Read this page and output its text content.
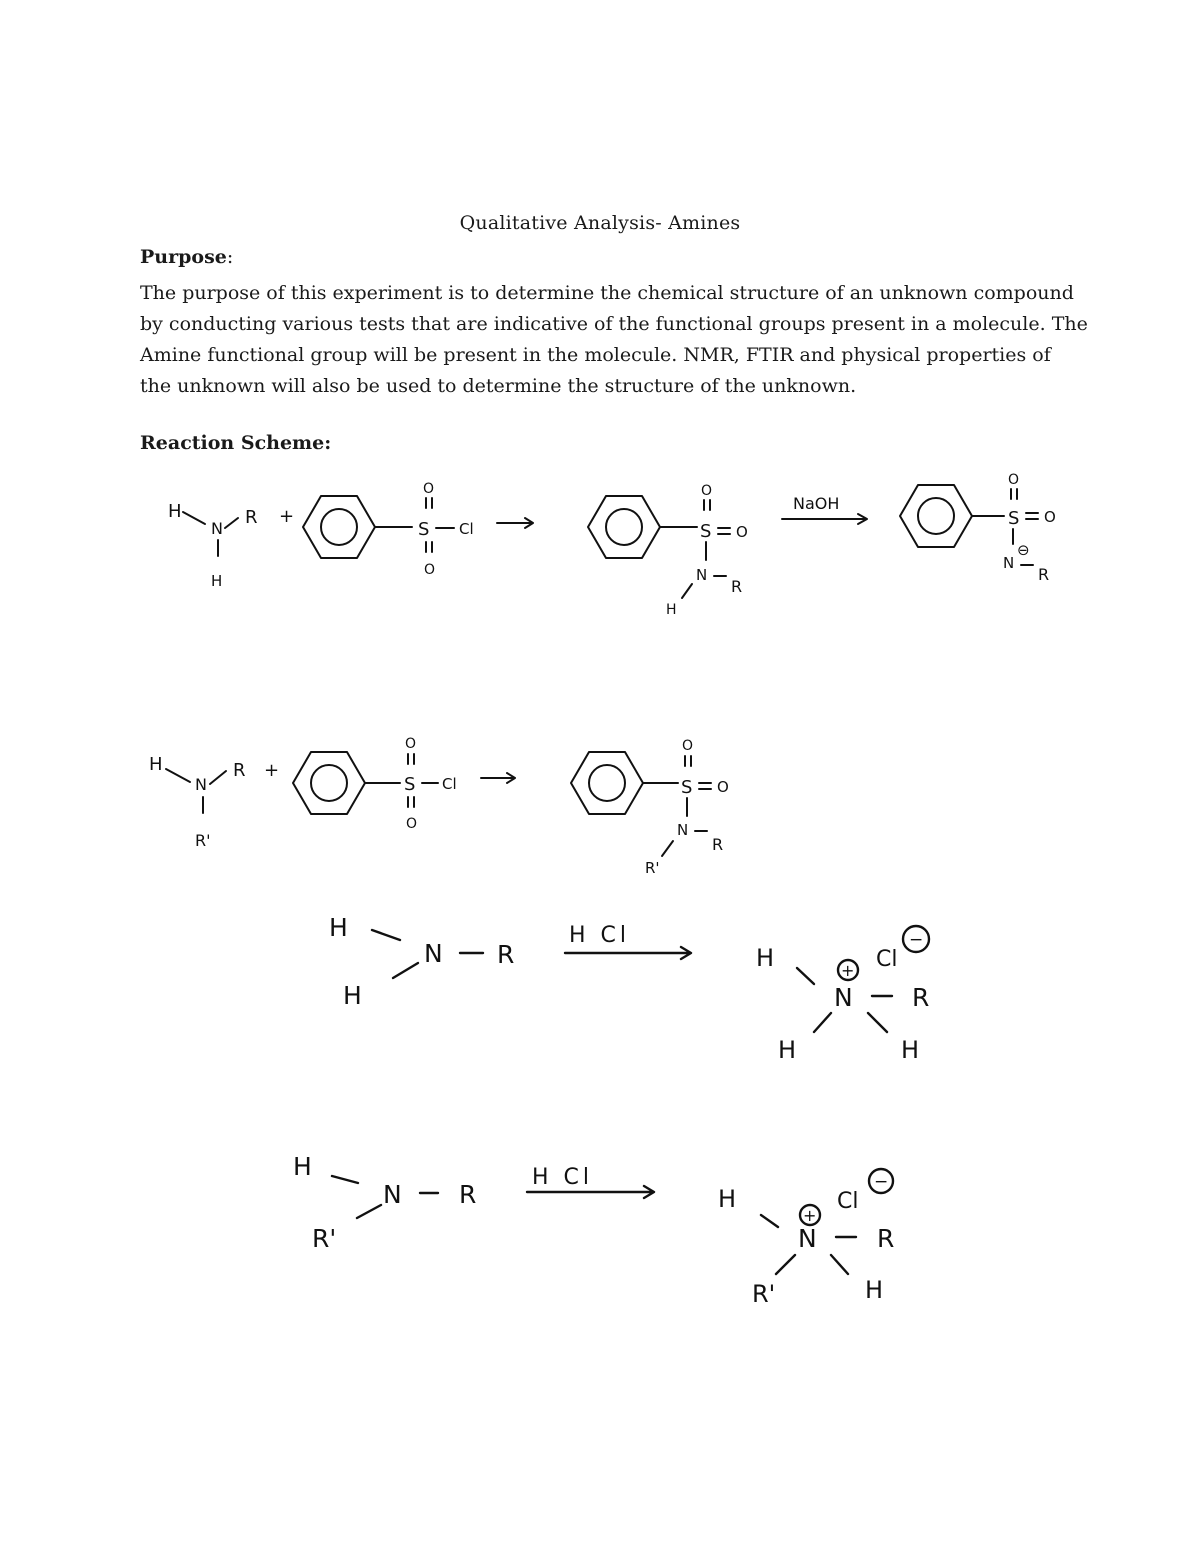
Qualitative Analysis- Amines
Purpose:
The purpose of this experiment is to determine the chemical structure of an unknown compound
by conducting various tests that are indicative of the functional groups present in a molecule. The
Amine functional group will be present in the molecule. NMR, FTIR and physical properties of
the unknown will also be used to determine the structure of the unknown.
Reaction Scheme:
H
N
R
H
+
O
S Cl
O
O
S O
N
R
H
NaOH
O
S O
⊖
N
R
H
N
R
R'
+
O
S Cl
O
O
S O
N
R
R'
H
N R
H
H Cl
H	+ Cl
−
N R
H	H
H
N R
R'
H Cl
H
+
Cl
−
N R
R'	H
